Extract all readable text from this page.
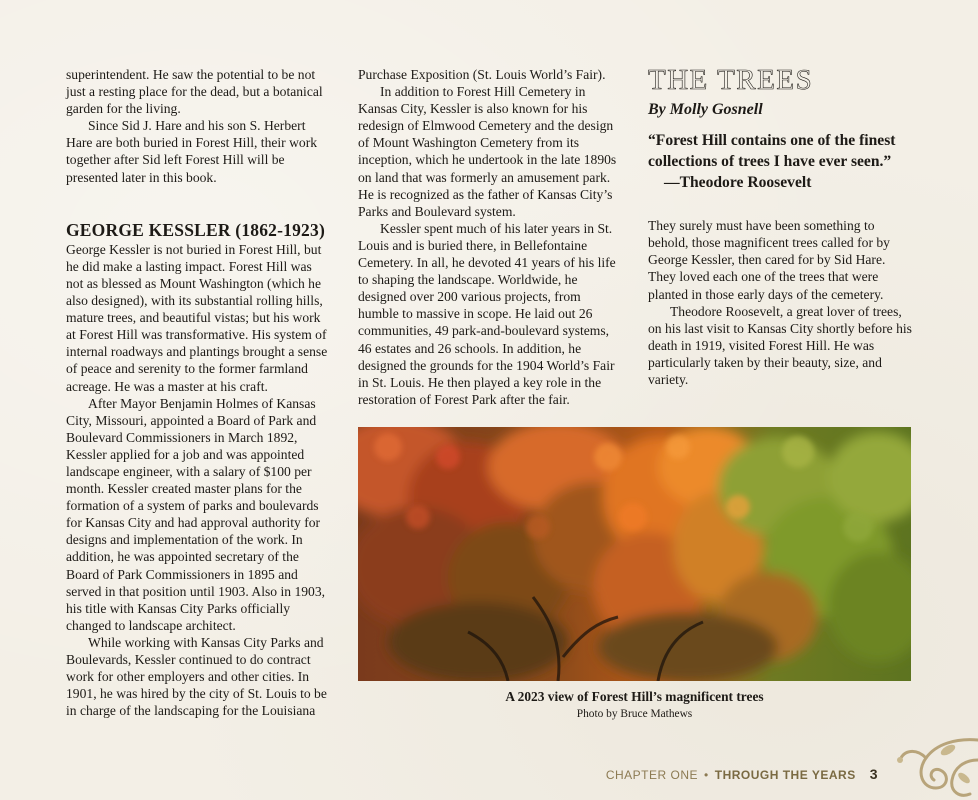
superintendent. He saw the potential to be not just a resting place for the dead, but a botanical garden for the living.

Since Sid J. Hare and his son S. Herbert Hare are both buried in Forest Hill, their work together after Sid left Forest Hill will be presented later in this book.

GEORGE KESSLER (1862-1923)

George Kessler is not buried in Forest Hill, but he did make a lasting impact. Forest Hill was not as blessed as Mount Washington (which he also designed), with its substantial rolling hills, mature trees, and beautiful vistas; but his work at Forest Hill was transformative. His system of internal roadways and plantings brought a sense of peace and serenity to the former farmland acreage. He was a master at his craft.

After Mayor Benjamin Holmes of Kansas City, Missouri, appointed a Board of Park and Boulevard Commissioners in March 1892, Kessler applied for a job and was appointed landscape engineer, with a salary of $100 per month. Kessler created master plans for the formation of a system of parks and boulevards for Kansas City and had approval authority for designs and implementation of the work. In addition, he was appointed secretary of the Board of Park Commissioners in 1895 and served in that position until 1903. Also in 1903, his title with Kansas City Parks officially changed to landscape architect.

While working with Kansas City Parks and Boulevards, Kessler continued to do contract work for other employers and other cities. In 1901, he was hired by the city of St. Louis to be in charge of the landscaping for the Louisiana

Purchase Exposition (St. Louis World’s Fair).

In addition to Forest Hill Cemetery in Kansas City, Kessler is also known for his redesign of Elmwood Cemetery and the design of Mount Washington Cemetery from its inception, which he undertook in the late 1890s on land that was formerly an amusement park. He is recognized as the father of Kansas City’s Parks and Boulevard system.

Kessler spent much of his later years in St. Louis and is buried there, in Bellefontaine Cemetery. In all, he devoted 41 years of his life to shaping the landscape. Worldwide, he designed over 200 various projects, from humble to massive in scope. He laid out 26 communities, 49 park-and-boulevard systems, 46 estates and 26 schools. In addition, he designed the grounds for the 1904 World’s Fair in St. Louis. He then played a key role in the restoration of Forest Park after the fair.

THE TREES

By Molly Gosnell

“Forest Hill contains one of the finest collections of trees I have ever seen.”

—Theodore Roosevelt

They surely must have been something to behold, those magnificent trees called for by George Kessler, then cared for by Sid Hare. They loved each one of the trees that were planted in those early days of the cemetery.

Theodore Roosevelt, a great lover of trees, on his last visit to Kansas City shortly before his death in 1919, visited Forest Hill. He was particularly taken by their beauty, size, and variety.

A 2023 view of Forest Hill’s magnificent trees
Photo by Bruce Mathews
CHAPTER ONE • THROUGH THE YEARS 3
